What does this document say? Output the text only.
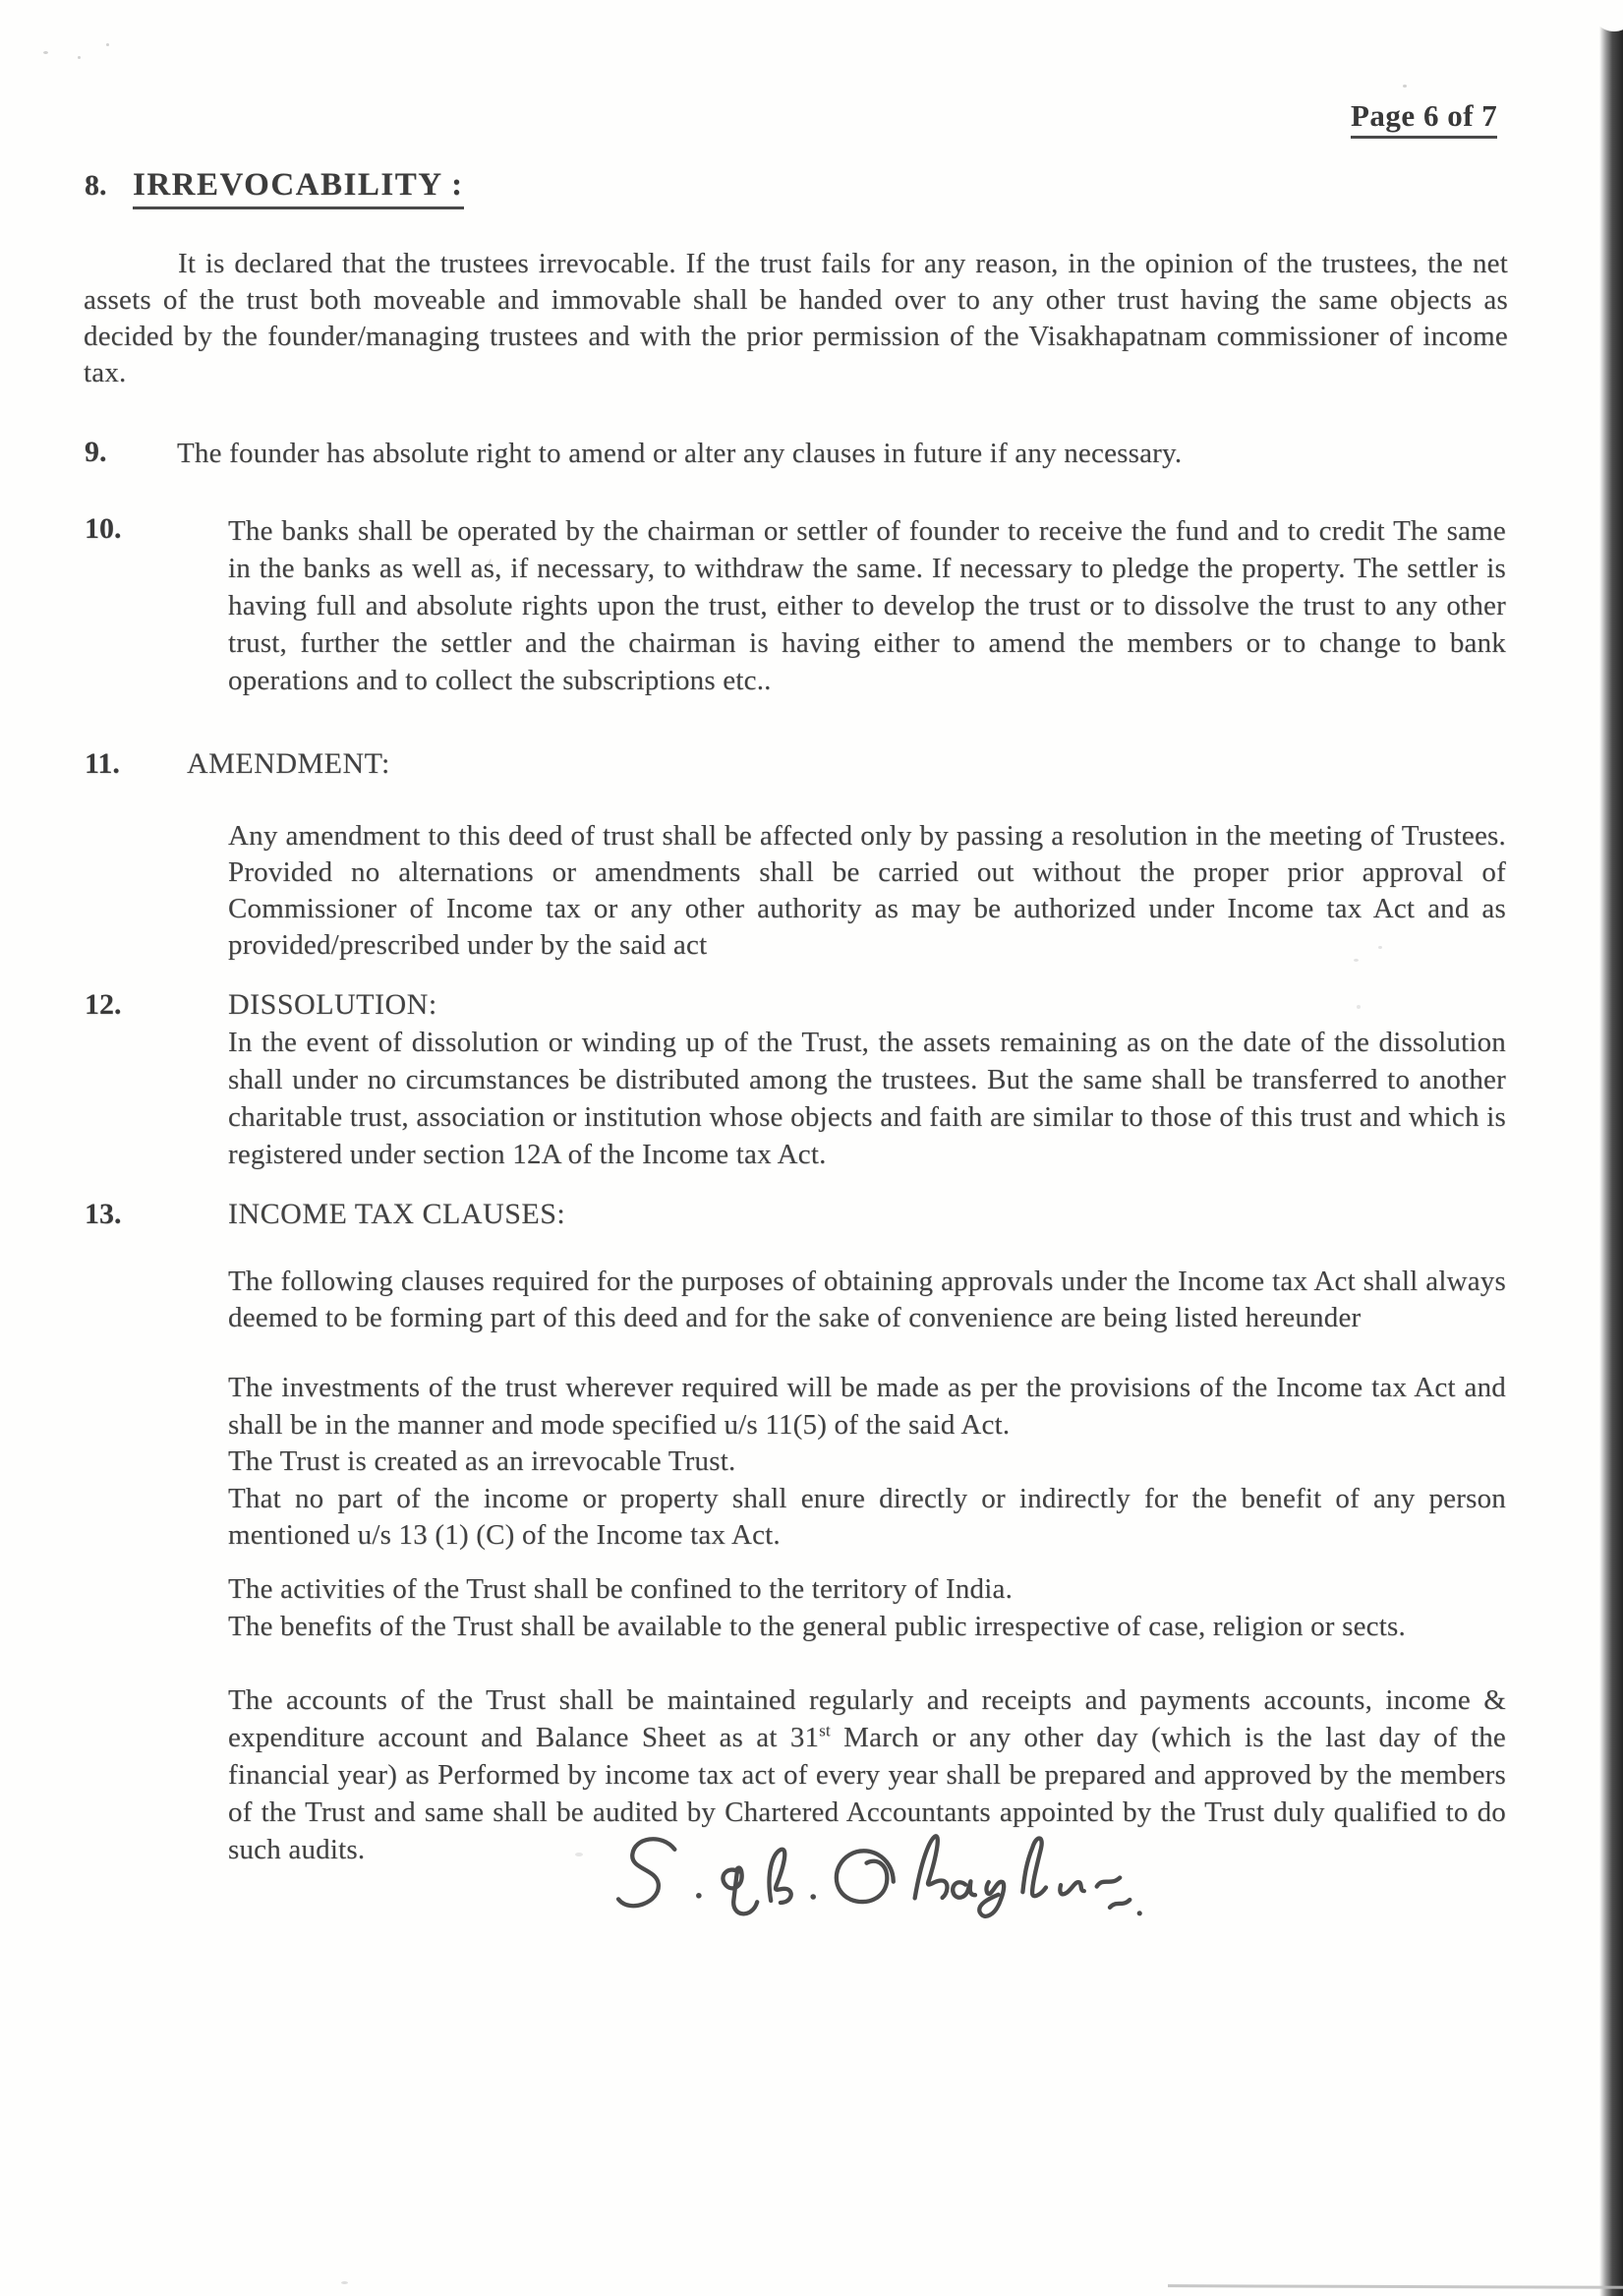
Page 6 of 7
8. IRREVOCABILITY :

It is declared that the trustees irrevocable. If the trust fails for any reason, in the opinion of the trustees, the net assets of the trust both moveable and immovable shall be handed over to any other trust having the same objects as decided by the founder/managing trustees and with the prior permission of the Visakhapatnam commissioner of income tax.

9. The founder has absolute right to amend or alter any clauses in future if any necessary.

10.	The banks shall be operated by the chairman or settler of founder to receive the fund and to credit The same in the banks as well as, if necessary, to withdraw the same. If necessary to pledge the property. The settler is having full and absolute rights upon the trust, either to develop the trust or to dissolve the trust to any other trust, further the settler and the chairman is having either to amend the members or to change to bank operations and to collect the subscriptions etc..

11. AMENDMENT:

Any amendment to this deed of trust shall be affected only by passing a resolution in the meeting of Trustees. Provided no alternations or amendments shall be carried out without the proper prior approval of Commissioner of Income tax or any other authority as may be authorized under Income tax Act and as provided/prescribed under by the said act

12.	DISSOLUTION:

In the event of dissolution or winding up of the Trust, the assets remaining as on the date of the dissolution shall under no circumstances be distributed among the trustees. But the same shall be transferred to another charitable trust, association or institution whose objects and faith are similar to those of this trust and which is registered under section 12A of the Income tax Act.

13.	INCOME TAX CLAUSES:

The following clauses required for the purposes of obtaining approvals under the Income tax Act shall always deemed to be forming part of this deed and for the sake of convenience are being listed hereunder

The investments of the trust wherever required will be made as per the provisions of the Income tax Act and shall be in the manner and mode specified u/s 11(5) of the said Act.

The Trust is created as an irrevocable Trust.

That no part of the income or property shall enure directly or indirectly for the benefit of any person mentioned u/s 13 (1) (C) of the Income tax Act.

The activities of the Trust shall be confined to the territory of India.

The benefits of the Trust shall be available to the general public irrespective of case, religion or sects.

The accounts of the Trust shall be maintained regularly and receipts and payments accounts, income & expenditure account and Balance Sheet as at 31st March or any other day (which is the last day of the financial year) as Performed by income tax act of every year shall be prepared and approved by the members of the Trust and same shall be audited by Chartered Accountants appointed by the Trust duly qualified to do such audits.
